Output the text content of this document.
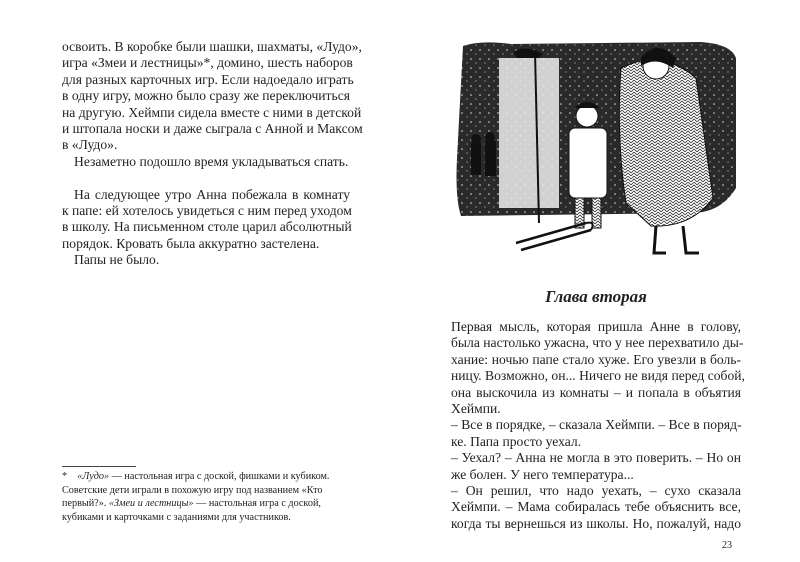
освоить. В коробке были шашки, шахматы, «Лудо»,
игра «Змеи и лестницы»*, домино, шесть наборов
для разных карточных игр. Если надоедало играть
в одну игру, можно было сразу же переключиться
на другую. Хеймпи сидела вместе с ними в детской
и штопала носки и даже сыграла с Анной и Максом
в «Лудо».
Незаметно подошло время укладываться спать.
На следующее утро Анна побежала в комнату
к папе: ей хотелось увидеться с ним перед уходом
в школу. На письменном столе царил абсолютный
порядок. Кровать была аккуратно застелена.
Папы не было.
* «Лудо» — настольная игра с доской, фишками и кубиком.
Советские дети играли в похожую игру под названием «Кто
первый?». «Змеи и лестницы» — настольная игра с доской,
кубиками и карточками с заданиями для участников.
Глава вторая
Первая мысль, которая пришла Анне в голову,
была настолько ужасна, что у нее перехватило ды-
хание: ночью папе стало хуже. Его увезли в боль-
ницу. Возможно, он... Ничего не видя перед собой,
она выскочила из комнаты – и попала в объятия
Хеймпи.
– Все в порядке, – сказала Хеймпи. – Все в поряд-
ке. Папа просто уехал.
– Уехал? – Анна не могла в это поверить. – Но он
же болен. У него температура...
– Он решил, что надо уехать, – сухо сказала
Хеймпи. – Мама собиралась тебе объяснить все,
когда ты вернешься из школы. Но, пожалуй, надо
23
